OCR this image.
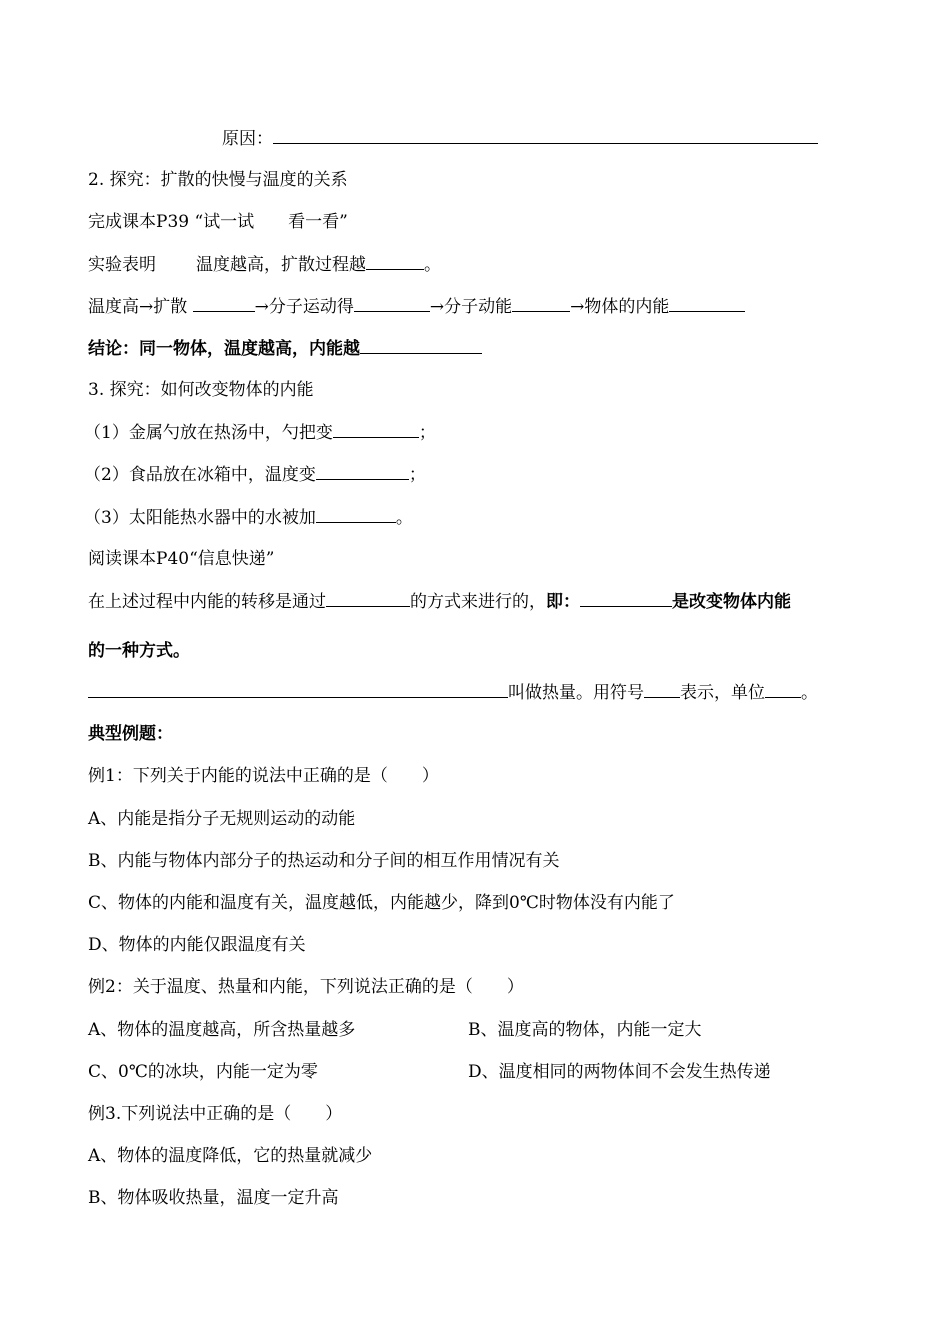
原因：
2. 探究：扩散的快慢与温度的关系
完成课本P39 “试一试　　看一看”
实验表明 温度越高，扩散过程越	。
温度高→扩散	→分子运动得	→分子动能	→物体的内能
结论：同一物体，温度越高，内能越
3. 探究：如何改变物体的内能
（1）金属勺放在热汤中，勺把变	；
（2）食品放在冰箱中，温度变	；
（3）太阳能热水器中的水被加	。
阅读课本P40“信息快递”
在上述过程中内能的转移是通过	的方式来进行的，即：	是改变物体内能
的一种方式。
叫做热量。用符号 表示，单位 。
典型例题：
例1：下列关于内能的说法中正确的是（　　）
A、内能是指分子无规则运动的动能
B、内能与物体内部分子的热运动和分子间的相互作用情况有关
C、物体的内能和温度有关，温度越低，内能越少，降到0℃时物体没有内能了
D、物体的内能仅跟温度有关
例2：关于温度、热量和内能，下列说法正确的是（　　）
A、物体的温度越高，所含热量越多	B、温度高的物体，内能一定大
C、0℃的冰块，内能一定为零	D、温度相同的两物体间不会发生热传递
例3.下列说法中正确的是（　　）
A、物体的温度降低，它的热量就减少
B、物体吸收热量，温度一定升高
